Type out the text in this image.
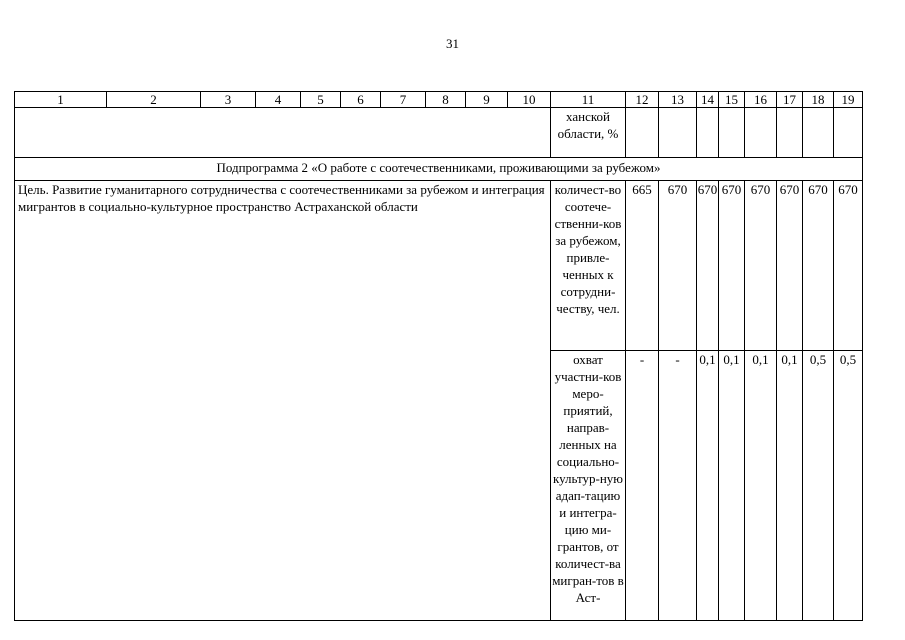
31
1	2	3	4	5	6	7	8	9	10	11	12	13	14	15	16	17	18	19
										ханской области, %								
Подпрограмма 2 «О работе с соотечественниками, проживающими за рубежом»																		
Цель. Развитие гуманитарного сотрудничества с соотечественниками за рубежом и интеграция мигрантов в социально-культурное пространство Астраханской области										количест-во соотече-ственни-ков за рубежом, привле-ченных к сотрудни-честву, чел.	665	670	670	670	670	670	670	670
										охват участни-ков меро-приятий, направ-ленных на социально-культур-ную адап-тацию и интегра-цию ми-грантов, от количест-ва мигран-тов в Аст-	-	-	0,1	0,1	0,1	0,1	0,5	0,5
